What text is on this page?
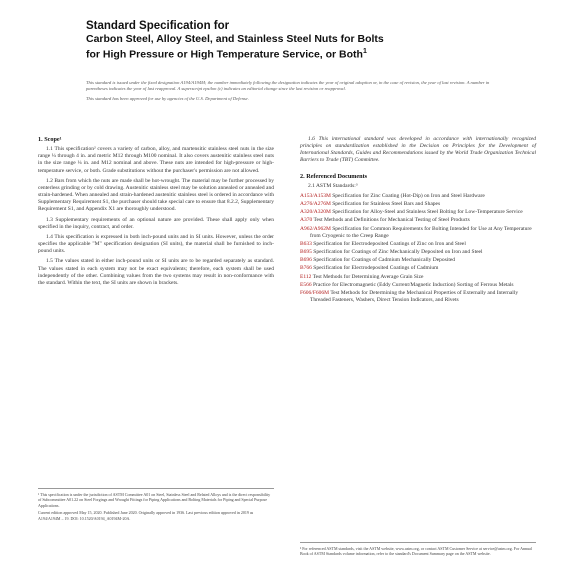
Standard Specification for
Carbon Steel, Alloy Steel, and Stainless Steel Nuts for Bolts
for High Pressure or High Temperature Service, or Both$^1$

This standard is issued under the fixed designation A194/A194M; the number immediately following the designation indicates the year of original adoption or, in the case of revision, the year of last revision. A number in parentheses indicates the year of last reapproval. A superscript epsilon (ε) indicates an editorial change since the last revision or reapproval.

This standard has been approved for use by agencies of the U.S. Department of Defense.

1. Scope¹

1.1 This specification² covers a variety of carbon, alloy, and martensitic stainless steel nuts in the size range ¼ through 4 in. and metric M12 through M100 nominal. It also covers austenitic stainless steel nuts in the size range ¼ in. and M12 nominal and above. These nuts are intended for high-pressure or high-temperature service, or both. Grade substitutions without the purchaser's permission are not allowed.

1.2 Bars from which the nuts are made shall be hot-wrought. The material may be further processed by centerless grinding or by cold drawing. Austenitic stainless steel may be solution annealed or annealed and strain-hardened. When annealed and strain-hardened austenitic stainless steel is ordered in accordance with Supplementary Requirement S1, the purchaser should take special care to ensure that 8.2.2, Supplementary Requirement S1, and Appendix X1 are thoroughly understood.

1.3 Supplementary requirements of an optional nature are provided. These shall apply only when specified in the inquiry, contract, and order.

1.4 This specification is expressed in both inch-pound units and in SI units. However, unless the order specifies the applicable "M" specification designation (SI units), the material shall be furnished to inch-pound units.

1.5 The values stated in either inch-pound units or SI units are to be regarded separately as standard. The values stated in each system may not be exact equivalents; therefore, each system shall be used independently of the other. Combining values from the two systems may result in non-conformance with the standard. Within the text, the SI units are shown in brackets.

¹ This specification is under the jurisdiction of ASTM Committee A01 on Steel, Stainless Steel and Related Alloys and is the direct responsibility of Subcommittee A01.22 on Steel Forgings and Wrought Fittings for Piping Applications and Bolting Materials for Piping and Special Purpose Applications.

Current edition approved May 15, 2020. Published June 2020. Originally approved in 1936. Last previous edition approved in 2019 as A194/A194M – 19. DOI: 10.1520/A0194_A0194M-20A.

1.6 This international standard was developed in accordance with internationally recognized principles on standardization established in the Decision on Principles for the Development of International Standards, Guides and Recommendations issued by the World Trade Organization Technical Barriers to Trade (TBT) Committee.

2. Referenced Documents

2.1 ASTM Standards:³

A153/A153M Specification for Zinc Coating (Hot-Dip) on Iron and Steel Hardware

A276/A276M Specification for Stainless Steel Bars and Shapes

A320/A320M Specification for Alloy-Steel and Stainless Steel Bolting for Low-Temperature Service

A370 Test Methods and Definitions for Mechanical Testing of Steel Products

A962/A962M Specification for Common Requirements for Bolting Intended for Use at Any Temperature from Cryogenic to the Creep Range

B633 Specification for Electrodeposited Coatings of Zinc on Iron and Steel

B695 Specification for Coatings of Zinc Mechanically Deposited on Iron and Steel

B696 Specification for Coatings of Cadmium Mechanically Deposited

B766 Specification for Electrodeposited Coatings of Cadmium

E112 Test Methods for Determining Average Grain Size

E566 Practice for Electromagnetic (Eddy Current/Magnetic Induction) Sorting of Ferrous Metals

F606/F606M Test Methods for Determining the Mechanical Properties of Externally and Internally Threaded Fasteners, Washers, Direct Tension Indicators, and Rivets

³ For referenced ASTM standards, visit the ASTM website, www.astm.org, or contact ASTM Customer Service at service@astm.org. For Annual Book of ASTM Standards volume information, refer to the standard's Document Summary page on the ASTM website.
